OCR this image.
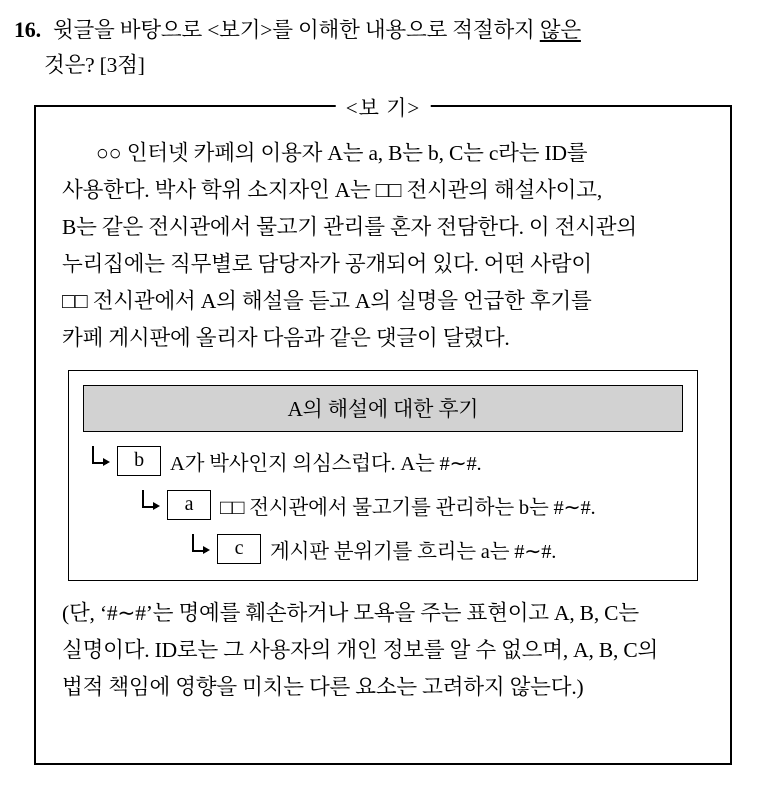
16. 윗글을 바탕으로 <보기>를 이해한 내용으로 적절하지 않은
것은? [3점]
<보 기>
○○ 인터넷 카페의 이용자 A는 a, B는 b, C는 c라는 ID를
사용한다. 박사 학위 소지자인 A는 □□ 전시관의 해설사이고,
B는 같은 전시관에서 물고기 관리를 혼자 전담한다. 이 전시관의
누리집에는 직무별로 담당자가 공개되어 있다. 어떤 사람이
□□ 전시관에서 A의 해설을 듣고 A의 실명을 언급한 후기를
카페 게시판에 올리자 다음과 같은 댓글이 달렸다.
A의 해설에 대한 후기
b	A가 박사인지 의심스럽다. A는 #∼#.
a	□□ 전시관에서 물고기를 관리하는 b는 #∼#.
c	게시판 분위기를 흐리는 a는 #∼#.
(단, ‘#∼#’는 명예를 훼손하거나 모욕을 주는 표현이고 A, B, C는
실명이다. ID로는 그 사용자의 개인 정보를 알 수 없으며, A, B, C의
법적 책임에 영향을 미치는 다른 요소는 고려하지 않는다.)
